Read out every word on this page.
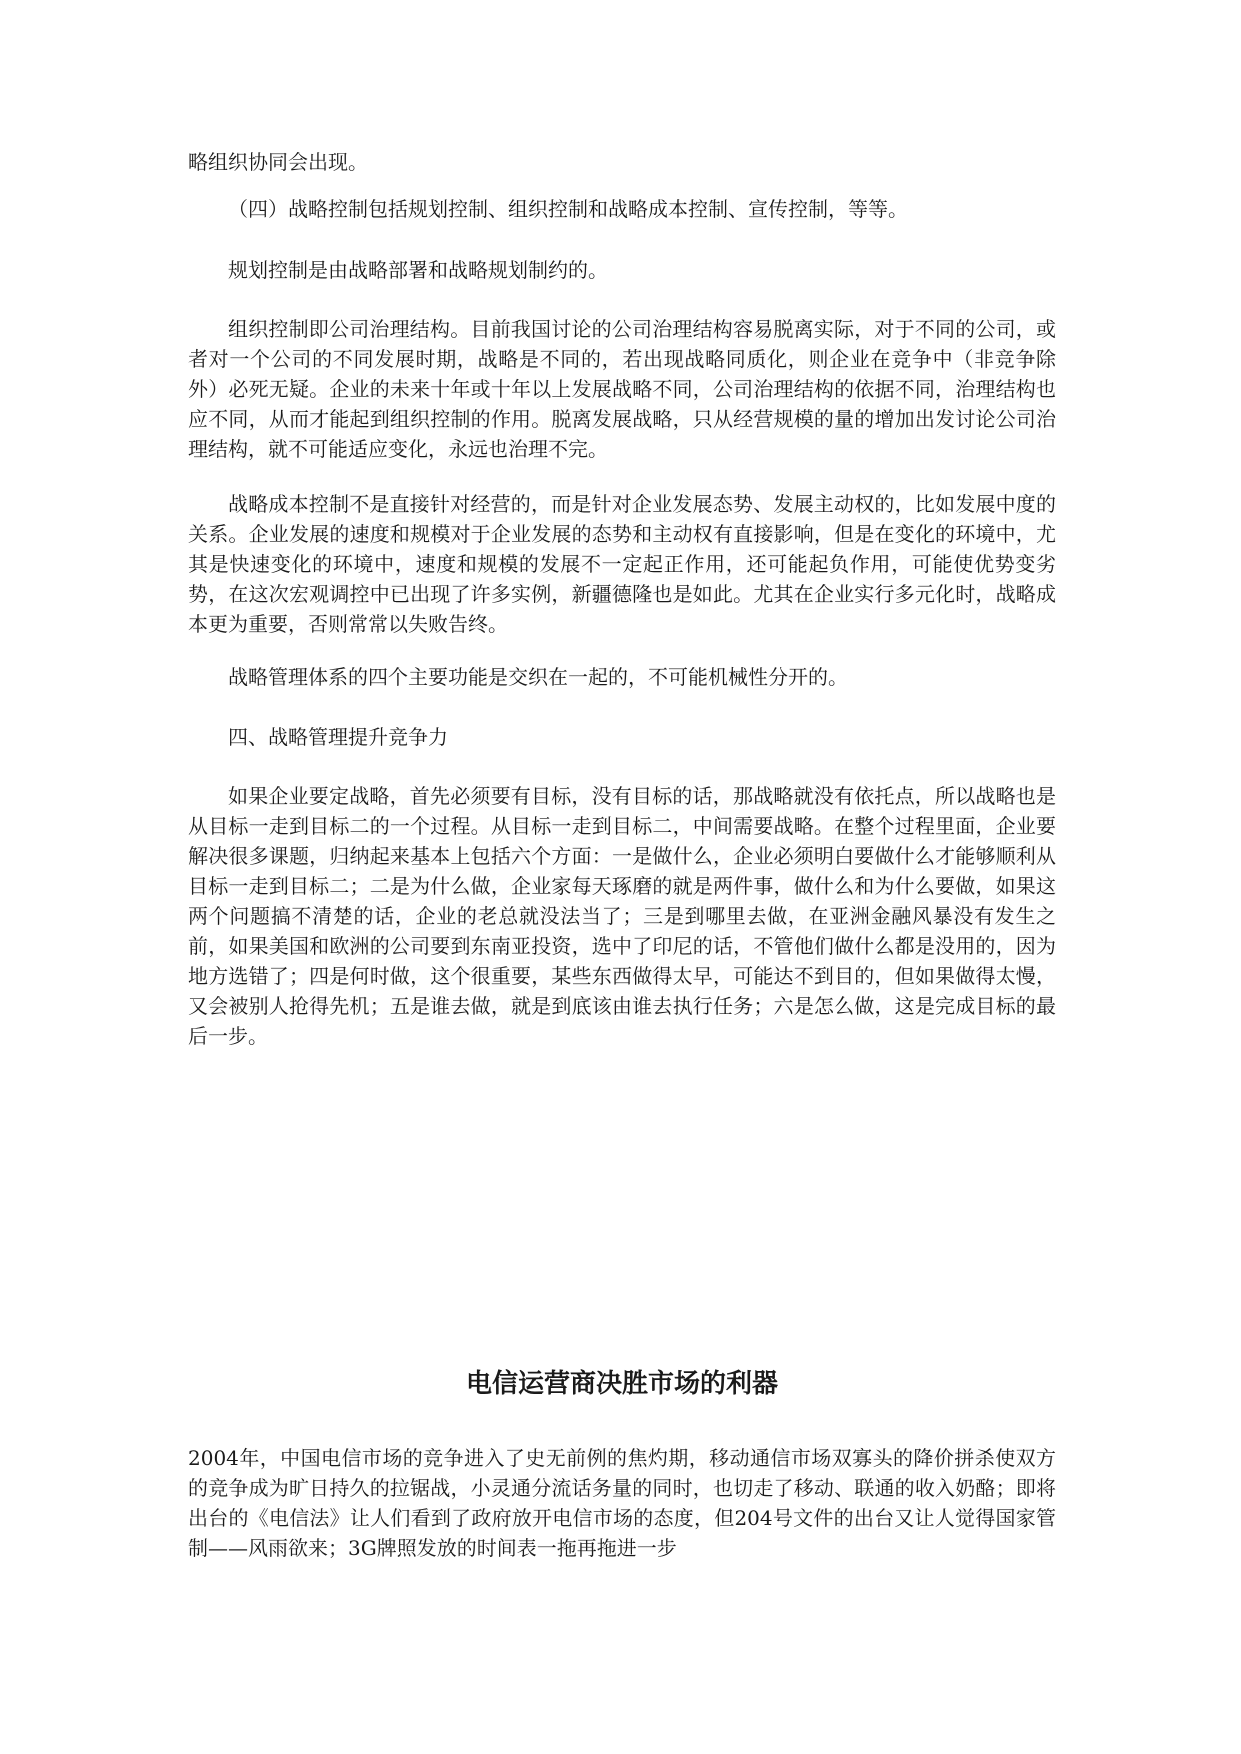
略组织协同会出现。

（四）战略控制包括规划控制、组织控制和战略成本控制、宣传控制，等等。

规划控制是由战略部署和战略规划制约的。

组织控制即公司治理结构。目前我国讨论的公司治理结构容易脱离实际，对于不同的公司，或者对一个公司的不同发展时期，战略是不同的，若出现战略同质化，则企业在竞争中（非竞争除外）必死无疑。企业的未来十年或十年以上发展战略不同，公司治理结构的依据不同，治理结构也应不同，从而才能起到组织控制的作用。脱离发展战略，只从经营规模的量的增加出发讨论公司治理结构，就不可能适应变化，永远也治理不完。

战略成本控制不是直接针对经营的，而是针对企业发展态势、发展主动权的，比如发展中度的关系。企业发展的速度和规模对于企业发展的态势和主动权有直接影响，但是在变化的环境中，尤其是快速变化的环境中，速度和规模的发展不一定起正作用，还可能起负作用，可能使优势变劣势，在这次宏观调控中已出现了许多实例，新疆德隆也是如此。尤其在企业实行多元化时，战略成本更为重要，否则常常以失败告终。

战略管理体系的四个主要功能是交织在一起的，不可能机械性分开的。

四、战略管理提升竞争力

如果企业要定战略，首先必须要有目标，没有目标的话，那战略就没有依托点，所以战略也是从目标一走到目标二的一个过程。从目标一走到目标二，中间需要战略。在整个过程里面，企业要解决很多课题，归纳起来基本上包括六个方面：一是做什么，企业必须明白要做什么才能够顺利从目标一走到目标二；二是为什么做，企业家每天琢磨的就是两件事，做什么和为什么要做，如果这两个问题搞不清楚的话，企业的老总就没法当了；三是到哪里去做，在亚洲金融风暴没有发生之前，如果美国和欧洲的公司要到东南亚投资，选中了印尼的话，不管他们做什么都是没用的，因为地方选错了；四是何时做，这个很重要，某些东西做得太早，可能达不到目的，但如果做得太慢，又会被别人抢得先机；五是谁去做，就是到底该由谁去执行任务；六是怎么做，这是完成目标的最后一步。

电信运营商决胜市场的利器

2004年，中国电信市场的竞争进入了史无前例的焦灼期，移动通信市场双寡头的降价拼杀使双方的竞争成为旷日持久的拉锯战，小灵通分流话务量的同时，也切走了移动、联通的收入奶酪；即将出台的《电信法》让人们看到了政府放开电信市场的态度，但204号文件的出台又让人觉得国家管制——风雨欲来；3G牌照发放的时间表一拖再拖进一步
